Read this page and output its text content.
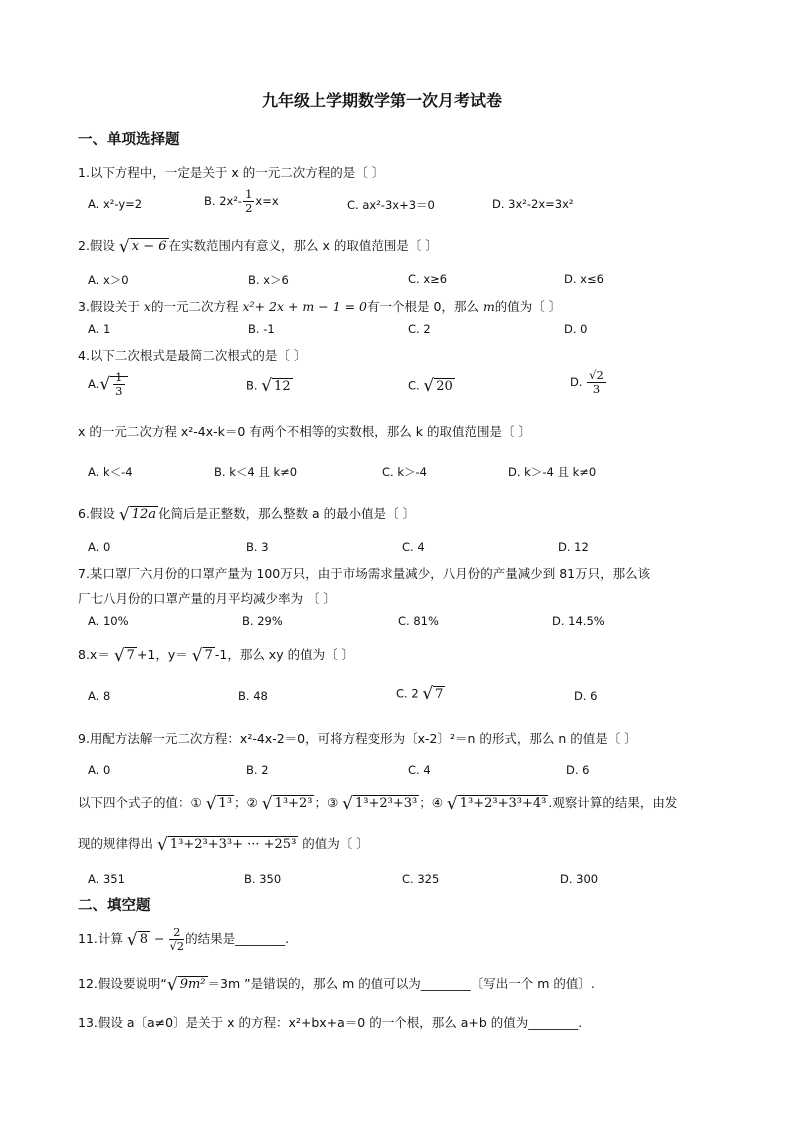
九年级上学期数学第一次月考试卷
一、单项选择题
1.以下方程中，一定是关于 x 的一元二次方程的是〔 〕
A. x²-y=2	B. $2x^2- \frac{1}{2} x=x$	C. ax²-3x+3＝0	D. 3x²-2x=3x²
2.假设 √ x − 6 在实数范围内有意义，那么 x 的取值范围是〔 〕
A. x＞0	B. x＞6	C. x≥6	D. x≤6
3.假设关于 x的一元二次方程 x²+ 2x + m − 1 = 0有一个根是 0，那么 m的值为〔 〕
A. 1	B. -1	C. 2	D. 0
4.以下二次根式是最简二次根式的是〔 〕
$A.√ \frac{1}{3}$	B. √ 12	C. √ 20	D. $\frac{√2}{3}$
x 的一元二次方程 x²-4x-k＝0 有两个不相等的实数根，那么 k 的取值范围是〔 〕
A. k＜-4	B. k＜4 且 k≠0	C. k＞-4	D. k＞-4 且 k≠0
6.假设 √ 12a 化简后是正整数，那么整数 a 的最小值是〔 〕
A. 0	B. 3	C. 4	D. 12
7.某口罩厂六月份的口罩产量为 100万只，由于市场需求量减少，八月份的产量减少到 81万只，那么该
厂七八月份的口罩产量的月平均减少率为 〔 〕
A. 10%	B. 29%	C. 81%	D. 14.5%
8.x＝ √ 7 +1，y＝ √ 7 -1，那么 xy 的值为〔 〕
A. 8	B. 48	C. 2 √ 7	D. 6
9.用配方法解一元二次方程：x²-4x-2＝0，可将方程变形为〔x-2〕²＝n 的形式，那么 n 的值是〔 〕
A. 0	B. 2	C. 4	D. 6
以下四个式子的值：① √ 1³ ；② √ 1³+2³ ；③ √ 1³+2³+3³ ；④ √ 1³+2³+3³+4³ .观察计算的结果，由发
现的规律得出 √ 1³+2³+3³+ ··· +25³ 的值为〔 〕
A. 351	B. 350	C. 325	D. 300
二、填空题
11.计算 √ $8 - \frac{2}{√2}$ 的结果是________.
12.假设要说明“√ 9m² ＝3m ”是错误的，那么 m 的值可以为________〔写出一个 m 的值〕.
13.假设 a〔a≠0〕是关于 x 的方程：x²+bx+a＝0 的一个根，那么 a+b 的值为________.
